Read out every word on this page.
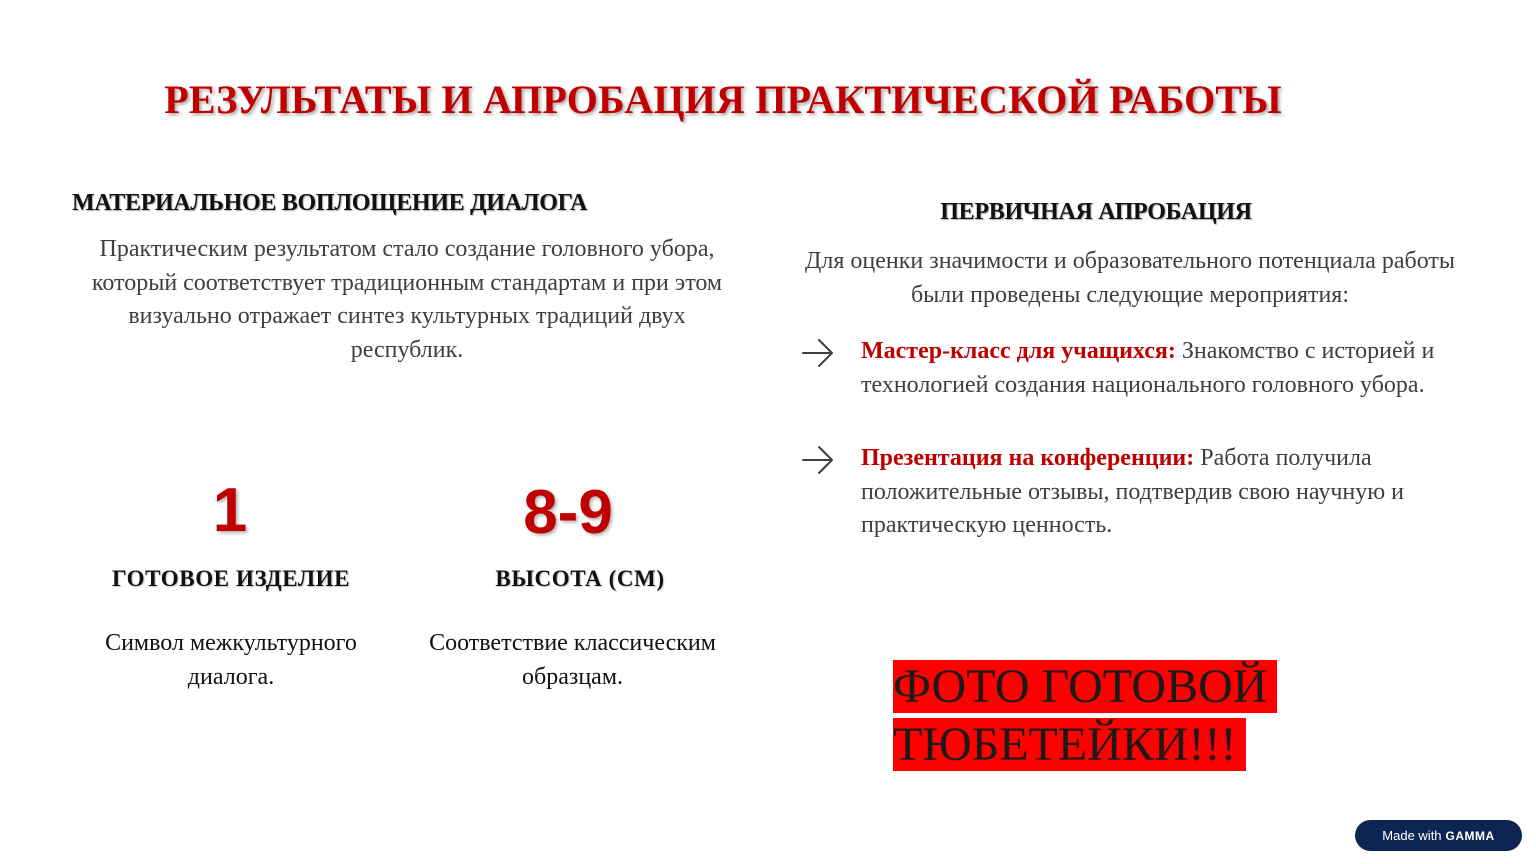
РЕЗУЛЬТАТЫ И АПРОБАЦИЯ ПРАКТИЧЕСКОЙ РАБОТЫ
МАТЕРИАЛЬНОЕ ВОПЛОЩЕНИЕ ДИАЛОГА
Практическим результатом стало создание головного убора, который соответствует традиционным стандартам и при этом визуально отражает синтез культурных традиций двух республик.
1
ГОТОВОЕ ИЗДЕЛИЕ
Символ межкультурного диалога.
8-9
ВЫСОТА (СМ)
Соответствие классическим образцам.
ПЕРВИЧНАЯ АПРОБАЦИЯ
Для оценки значимости и образовательного потенциала работы были проведены следующие мероприятия:
Мастер-класс для учащихся: Знакомство с историей и технологией создания национального головного убора.
Презентация на конференции: Работа получила положительные отзывы, подтвердив свою научную и практическую ценность.
ФОТО ГОТОВОЙ ТЮБЕТЕЙКИ!!!
Made with GAMMA
